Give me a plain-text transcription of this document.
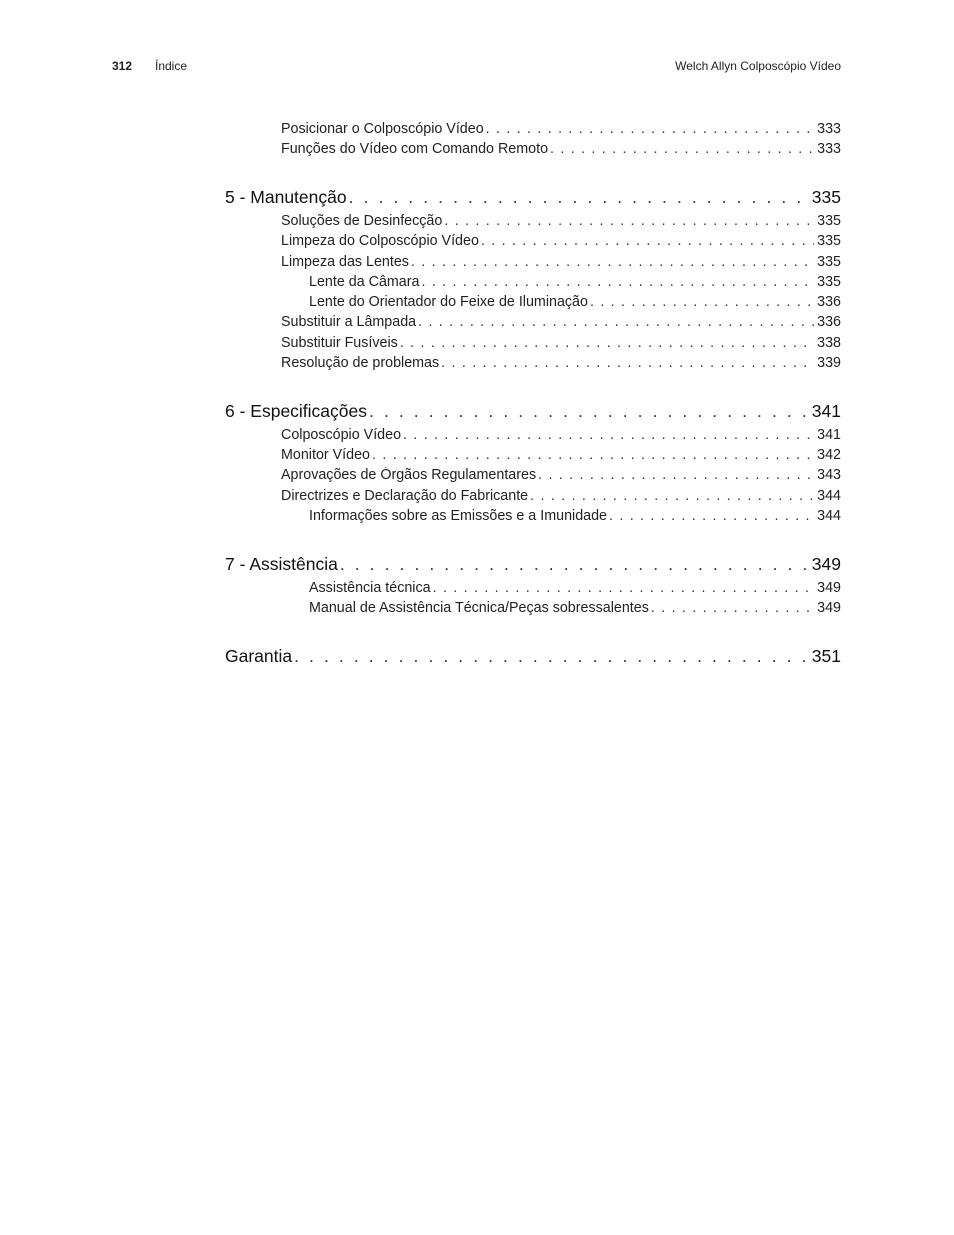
312 Índice	Welch Allyn Colposcópio Vídeo
Posicionar o Colposcópio Vídeo . . .	333
Funções do Vídeo com Comando Remoto . . .	333
5 - Manutenção . . .	335
Soluções de Desinfecção . . .	335
Limpeza do Colposcópio Vídeo . . .	335
Limpeza das Lentes . . .	335
Lente da Câmara . . .	335
Lente do Orientador do Feixe de Iluminação . . .	336
Substituir a Lâmpada . . .	336
Substituir Fusíveis . . .	338
Resolução de problemas . . .	339
6 - Especificações . . .	341
Colposcópio Vídeo . . .	341
Monitor Vídeo . . .	342
Aprovações de Órgãos Regulamentares . . .	343
Directrizes e Declaração do Fabricante . . .	344
Informações sobre as Emissões e a Imunidade . . .	344
7 - Assistência . . .	349
Assistência técnica . . .	349
Manual de Assistência Técnica/Peças sobressalentes . . .	349
Garantia . . .	351
